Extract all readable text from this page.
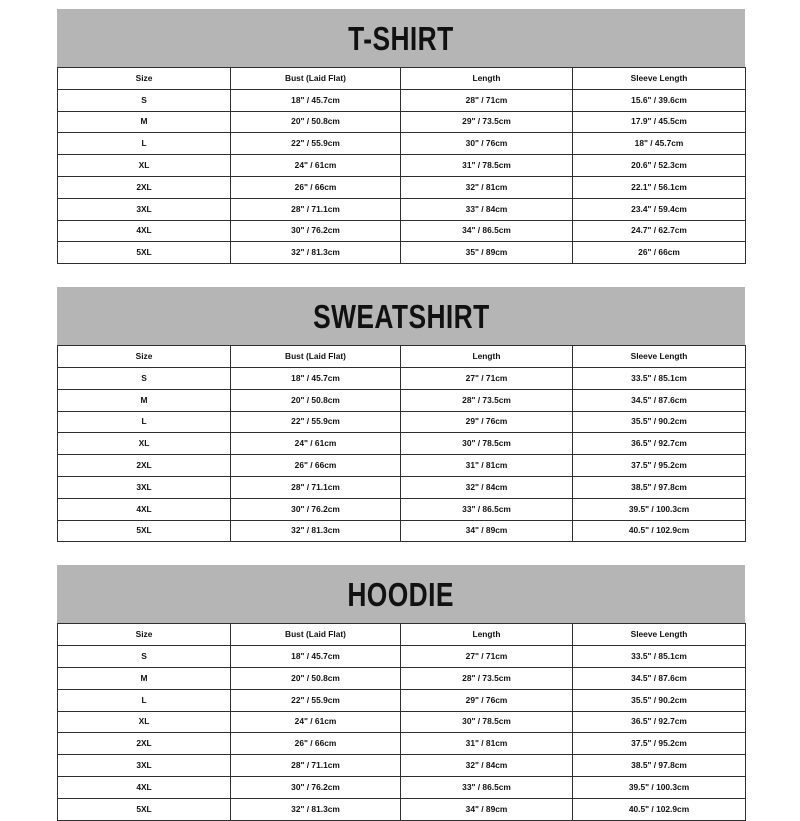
T-SHIRT
Size	Bust (Laid Flat)	Length	Sleeve Length
S	18" / 45.7cm	28" / 71cm	15.6" / 39.6cm
M	20" / 50.8cm	29" / 73.5cm	17.9" / 45.5cm
L	22" / 55.9cm	30" / 76cm	18" / 45.7cm
XL	24" / 61cm	31" / 78.5cm	20.6" / 52.3cm
2XL	26" / 66cm	32" / 81cm	22.1" / 56.1cm
3XL	28" / 71.1cm	33" / 84cm	23.4" / 59.4cm
4XL	30" / 76.2cm	34" / 86.5cm	24.7" / 62.7cm
5XL	32" / 81.3cm	35" / 89cm	26" / 66cm
SWEATSHIRT
Size	Bust (Laid Flat)	Length	Sleeve Length
S	18" / 45.7cm	27" / 71cm	33.5" / 85.1cm
M	20" / 50.8cm	28" / 73.5cm	34.5" / 87.6cm
L	22" / 55.9cm	29" / 76cm	35.5" / 90.2cm
XL	24" / 61cm	30" / 78.5cm	36.5" / 92.7cm
2XL	26" / 66cm	31" / 81cm	37.5" / 95.2cm
3XL	28" / 71.1cm	32" / 84cm	38.5" / 97.8cm
4XL	30" / 76.2cm	33" / 86.5cm	39.5" / 100.3cm
5XL	32" / 81.3cm	34" / 89cm	40.5" / 102.9cm
HOODIE
Size	Bust (Laid Flat)	Length	Sleeve Length
S	18" / 45.7cm	27" / 71cm	33.5" / 85.1cm
M	20" / 50.8cm	28" / 73.5cm	34.5" / 87.6cm
L	22" / 55.9cm	29" / 76cm	35.5" / 90.2cm
XL	24" / 61cm	30" / 78.5cm	36.5" / 92.7cm
2XL	26" / 66cm	31" / 81cm	37.5" / 95.2cm
3XL	28" / 71.1cm	32" / 84cm	38.5" / 97.8cm
4XL	30" / 76.2cm	33" / 86.5cm	39.5" / 100.3cm
5XL	32" / 81.3cm	34" / 89cm	40.5" / 102.9cm
